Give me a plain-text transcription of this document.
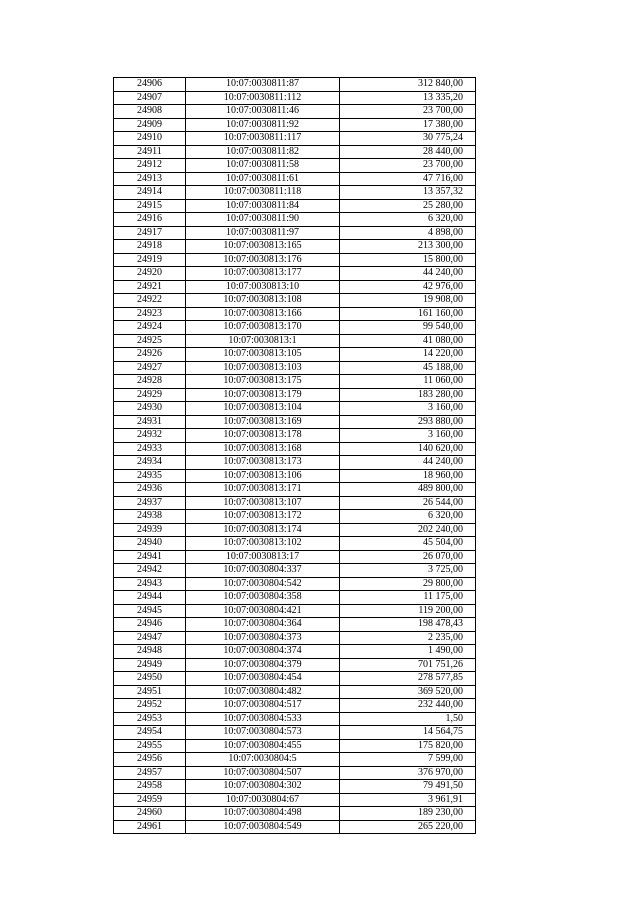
24906	10:07:0030811:87	312 840,00
24907	10:07:0030811:112	13 335,20
24908	10:07:0030811:46	23 700,00
24909	10:07:0030811:92	17 380,00
24910	10:07:0030811:117	30 775,24
24911	10:07:0030811:82	28 440,00
24912	10:07:0030811:58	23 700,00
24913	10:07:0030811:61	47 716,00
24914	10:07:0030811:118	13 357,32
24915	10:07:0030811:84	25 280,00
24916	10:07:0030811:90	6 320,00
24917	10:07:0030811:97	4 898,00
24918	10:07:0030813:165	213 300,00
24919	10:07:0030813:176	15 800,00
24920	10:07:0030813:177	44 240,00
24921	10:07:0030813:10	42 976,00
24922	10:07:0030813:108	19 908,00
24923	10:07:0030813:166	161 160,00
24924	10:07:0030813:170	99 540,00
24925	10:07:0030813:1	41 080,00
24926	10:07:0030813:105	14 220,00
24927	10:07:0030813:103	45 188,00
24928	10:07:0030813:175	11 060,00
24929	10:07:0030813:179	183 280,00
24930	10:07:0030813:104	3 160,00
24931	10:07:0030813:169	293 880,00
24932	10:07:0030813:178	3 160,00
24933	10:07:0030813:168	140 620,00
24934	10:07:0030813:173	44 240,00
24935	10:07:0030813:106	18 960,00
24936	10:07:0030813:171	489 800,00
24937	10:07:0030813:107	26 544,00
24938	10:07:0030813:172	6 320,00
24939	10:07:0030813:174	202 240,00
24940	10:07:0030813:102	45 504,00
24941	10:07:0030813:17	26 070,00
24942	10:07:0030804:337	3 725,00
24943	10:07:0030804:542	29 800,00
24944	10:07:0030804:358	11 175,00
24945	10:07:0030804:421	119 200,00
24946	10:07:0030804:364	198 478,43
24947	10:07:0030804:373	2 235,00
24948	10:07:0030804:374	1 490,00
24949	10:07:0030804:379	701 751,26
24950	10:07:0030804:454	278 577,85
24951	10:07:0030804:482	369 520,00
24952	10:07:0030804:517	232 440,00
24953	10:07:0030804:533	1,50
24954	10:07:0030804:573	14 564,75
24955	10:07:0030804:455	175 820,00
24956	10:07:0030804:5	7 599,00
24957	10:07:0030804:507	376 970,00
24958	10:07:0030804:302	79 491,50
24959	10:07:0030804:67	3 961,91
24960	10:07:0030804:498	189 230,00
24961	10:07:0030804:549	265 220,00
